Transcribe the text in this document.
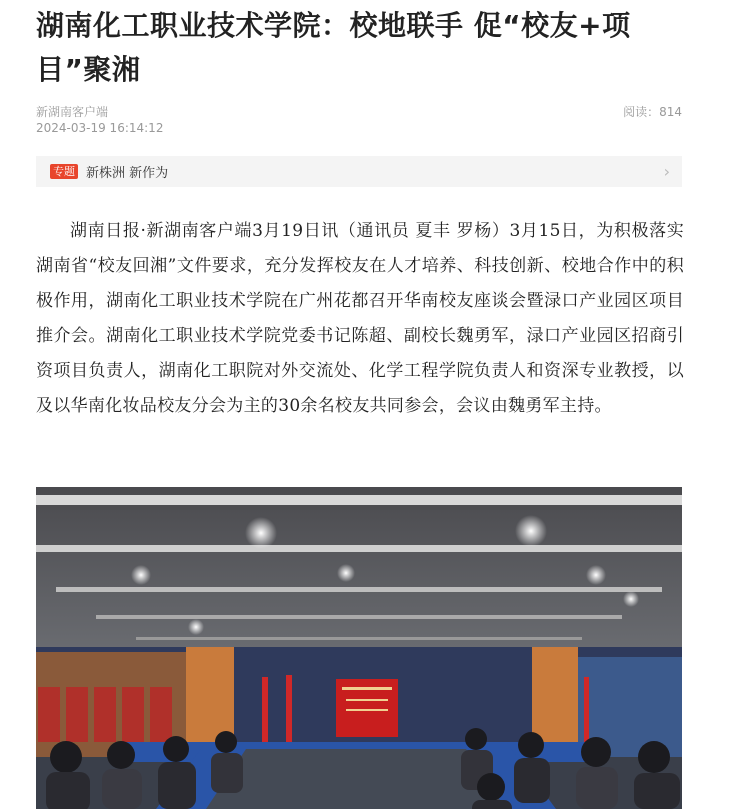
湖南化工职业技术学院：校地联手 促“校友+项目”聚湘
新湖南客户端
2024-03-19 16:14:12
阅读：814
专题 新株洲 新作为	›

湖南日报·新湖南客户端3月19日讯（通讯员 夏丰 罗杨）3月15日，为积极落实湖南省“校友回湘”文件要求，充分发挥校友在人才培养、科技创新、校地合作中的积极作用，湖南化工职业技术学院在广州花都召开华南校友座谈会暨渌口产业园区项目推介会。湖南化工职业技术学院党委书记陈超、副校长魏勇军，渌口产业园区招商引资项目负责人，湖南化工职院对外交流处、化学工程学院负责人和资深专业教授，以及以华南化妆品校友分会为主的30余名校友共同参会，会议由魏勇军主持。
